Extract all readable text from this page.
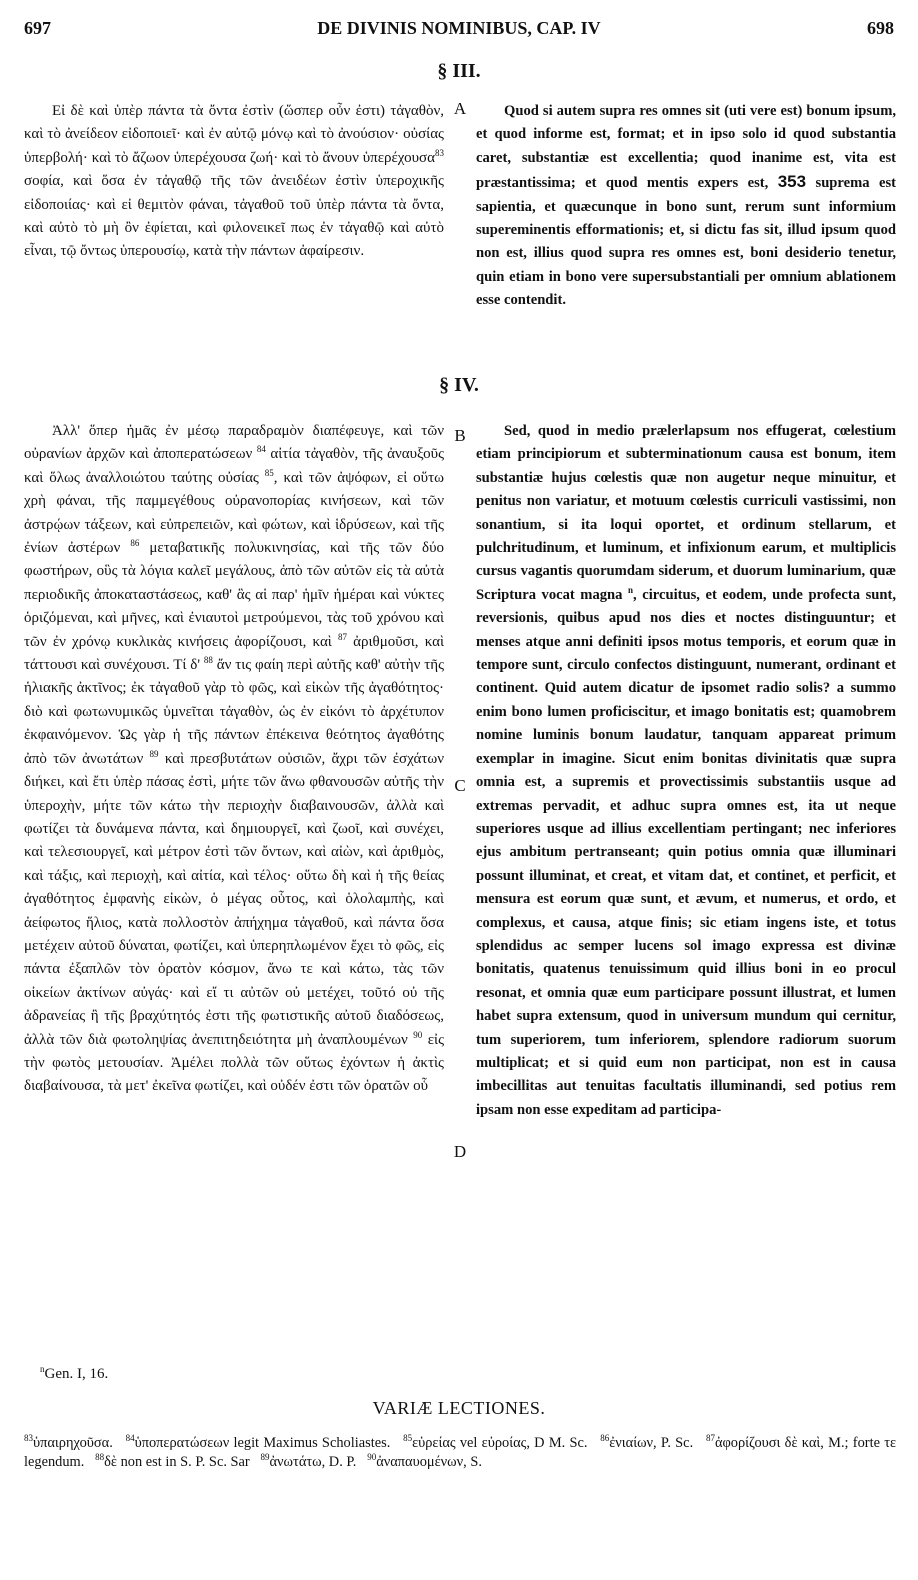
697	DE DIVINIS NOMINIBUS, CAP. IV	698
§ III.
A

Εἰ δὲ καὶ ὑπὲρ πάντα τὰ ὄντα ἐστὶν (ὥσπερ οὖν ἐστι) τἀγαθὸν, καὶ τὸ ἀνείδεον εἰδοποιεῖ· καὶ ἐν αὐτῷ μόνῳ καὶ τὸ ἀνούσιον· οὐσίας ὑπερβολή· καὶ τὸ ἄζωον ὑπερέχουσα ζωή· καὶ τὸ ἄνουν ὑπερέχουσα$^{83}$ σοφία, καὶ ὅσα ἐν τἀγαθῷ τῆς τῶν ἀνειδέων ἐστὶν ὑπεροχικῆς εἰδοποιίας· καὶ εἰ θεμιτὸν φάναι, τἀγαθοῦ τοῦ ὑπὲρ πάντα τὰ ὄντα, καὶ αὐτὸ τὸ μὴ ὂν ἐφίεται, καὶ φιλονεικεῖ πως ἐν τἀγαθῷ καὶ αὐτὸ εἶναι, τῷ ὄντως ὑπερουσίῳ, κατὰ τὴν πάντων ἀφαίρεσιν.

Quod si autem supra res omnes sit (uti vere est) bonum ipsum, et quod informe est, format; et in ipso solo id quod substantia caret, substantiæ est excellentia; quod inanime est, vita est præstantissima; et quod mentis expers est, 353 suprema est sapientia, et quæcunque in bono sunt, rerum sunt informium supereminentis efformationis; et, si dictu fas sit, illud ipsum quod non est, illius quod supra res omnes est, boni desiderio tenetur, quin etiam in bono vere supersubstantiali per omnium ablationem esse contendit.

§ IV.
B
C
D

Ἀλλ' ὅπερ ἡμᾶς ἐν μέσῳ παραδραμὸν διαπέφευγε, καὶ τῶν οὐρανίων ἀρχῶν καὶ ἀποπερατώσεων $^{84}$ αἰτία τἀγαθὸν, τῆς ἀναυξοῦς καὶ ὅλως ἀναλλοιώτου ταύτης οὐσίας $^{85}$, καὶ τῶν ἀψόφων, εἰ οὕτω χρὴ φάναι, τῆς παμμεγέθους οὐρανοπορίας κινήσεων, καὶ τῶν ἀστρῴων τάξεων, καὶ εὐπρεπειῶν, καὶ φώτων, καὶ ἱδρύσεων, καὶ τῆς ἐνίων ἀστέρων $^{86}$ μεταβατικῆς πολυκινησίας, καὶ τῆς τῶν δύο φωστήρων, οὓς τὰ λόγια καλεῖ μεγάλους, ἀπὸ τῶν αὐτῶν εἰς τὰ αὐτὰ περιοδικῆς ἀποκαταστάσεως, καθ' ἃς αἱ παρ' ἡμῖν ἡμέραι καὶ νύκτες ὁριζόμεναι, καὶ μῆνες, καὶ ἐνιαυτοὶ μετρούμενοι, τὰς τοῦ χρόνου καὶ τῶν ἐν χρόνῳ κυκλικὰς κινήσεις ἀφορίζουσι, καὶ $^{87}$ ἀριθμοῦσι, καὶ τάττουσι καὶ συνέχουσι. Τί δ' $^{88}$ ἄν τις φαίη περὶ αὐτῆς καθ' αὐτὴν τῆς ἡλιακῆς ἀκτῖνος; ἐκ τἀγαθοῦ γὰρ τὸ φῶς, καὶ εἰκὼν τῆς ἀγαθότητος· διὸ καὶ φωτωνυμικῶς ὑμνεῖται τἀγαθὸν, ὡς ἐν εἰκόνι τὸ ἀρχέτυπον ἐκφαινόμενον. Ὡς γὰρ ἡ τῆς πάντων ἐπέκεινα θεότητος ἀγαθότης ἀπὸ τῶν ἀνωτάτων $^{89}$ καὶ πρεσβυτάτων οὐσιῶν, ἄχρι τῶν ἐσχάτων διήκει, καὶ ἔτι ὑπὲρ πάσας ἐστὶ, μήτε τῶν ἄνω φθανουσῶν αὐτῆς τὴν ὑπεροχὴν, μήτε τῶν κάτω τὴν περιοχὴν διαβαινουσῶν, ἀλλὰ καὶ φωτίζει τὰ δυνάμενα πάντα, καὶ δημιουργεῖ, καὶ ζωοῖ, καὶ συνέχει, καὶ τελεσιουργεῖ, καὶ μέτρον ἐστὶ τῶν ὄντων, καὶ αἰὼν, καὶ ἀριθμὸς, καὶ τάξις, καὶ περιοχὴ, καὶ αἰτία, καὶ τέλος· οὕτω δὴ καὶ ἡ τῆς θείας ἀγαθότητος ἐμφανὴς εἰκὼν, ὁ μέγας οὗτος, καὶ ὁλολαμπὴς, καὶ ἀείφωτος ἥλιος, κατὰ πολλοστὸν ἀπήχημα τἀγαθοῦ, καὶ πάντα ὅσα μετέχειν αὐτοῦ δύναται, φωτίζει, καὶ ὑπερηπλωμένον ἔχει τὸ φῶς, εἰς πάντα ἐξαπλῶν τὸν ὁρατὸν κόσμον, ἄνω τε καὶ κάτω, τὰς τῶν οἰκείων ἀκτίνων αὐγάς· καὶ εἴ τι αὐτῶν οὐ μετέχει, τοῦτό οὐ τῆς ἀδρανείας ἢ τῆς βραχύτητός ἐστι τῆς φωτιστικῆς αὐτοῦ διαδόσεως, ἀλλὰ τῶν διὰ φωτοληψίας ἀνεπιτηδειότητα μὴ ἀναπλουμένων $^{90}$ εἰς τὴν φωτὸς μετουσίαν. Ἀμέλει πολλὰ τῶν οὕτως ἐχόντων ἡ ἀκτὶς διαβαίνουσα, τὰ μετ' ἐκεῖνα φωτίζει, καὶ οὐδέν ἐστι τῶν ὁρατῶν οὗ

Sed, quod in medio prælerlapsum nos effugerat, cœlestium etiam principiorum et subterminationum causa est bonum, item substantiæ hujus cœlestis quæ non augetur neque minuitur, et penitus non variatur, et motuum cœlestis curriculi vastissimi, non sonantium, si ita loqui oportet, et ordinum stellarum, et pulchritudinum, et luminum, et infixionum earum, et multiplicis cursus vagantis quorumdam siderum, et duorum luminarium, quæ Scriptura vocat magna $^n$, circuitus, et eodem, unde profecta sunt, reversionis, quibus apud nos dies et noctes distinguuntur; et menses atque anni definiti ipsos motus temporis, et eorum quæ in tempore sunt, circulo confectos distinguunt, numerant, ordinant et continent. Quid autem dicatur de ipsomet radio solis? a summo enim bono lumen proficiscitur, et imago bonitatis est; quamobrem nomine luminis bonum laudatur, tanquam appareat primum exemplar in imagine. Sicut enim bonitas divinitatis quæ supra omnia est, a supremis et provectissimis substantiis usque ad extremas pervadit, et adhuc supra omnes est, ita ut neque superiores usque ad illius excellentiam pertingant; nec inferiores ejus ambitum pertranseant; quin potius omnia quæ illuminari possunt illuminat, et creat, et vitam dat, et continet, et perficit, et mensura est eorum quæ sunt, et ævum, et numerus, et ordo, et complexus, et causa, atque finis; sic etiam ingens iste, et totus splendidus ac semper lucens sol imago expressa est divinæ bonitatis, quatenus tenuissimum quid illius boni in eo procul resonat, et omnia quæ eum participare possunt illustrat, et lumen habet supra extensum, quod in universum mundum qui cernitur, tum superiorem, tum inferiorem, splendore radiorum suorum multiplicat; et si quid eum non participat, non est in causa imbecillitas aut tenuitas facultatis illuminandi, sed potius rem ipsam non esse expeditam ad participa-

$^n$Gen. I, 16.
VARIÆ LECTIONES.
$^{83}$ὑπαιρηχοῦσα. $^{84}$ὑποπερατώσεων legit Maximus Scholiastes. $^{85}$εὑρείας vel εὐροίας, D M. Sc. $^{86}$ἐνιαίων, P. Sc. $^{87}$ἀφορίζουσι δὲ καὶ, M.; forte τε legendum. $^{88}$δὲ non est in S. P. Sc. Sar $^{89}$ἀνωτάτω, D. P. $^{90}$ἀναπαυομένων, S.
